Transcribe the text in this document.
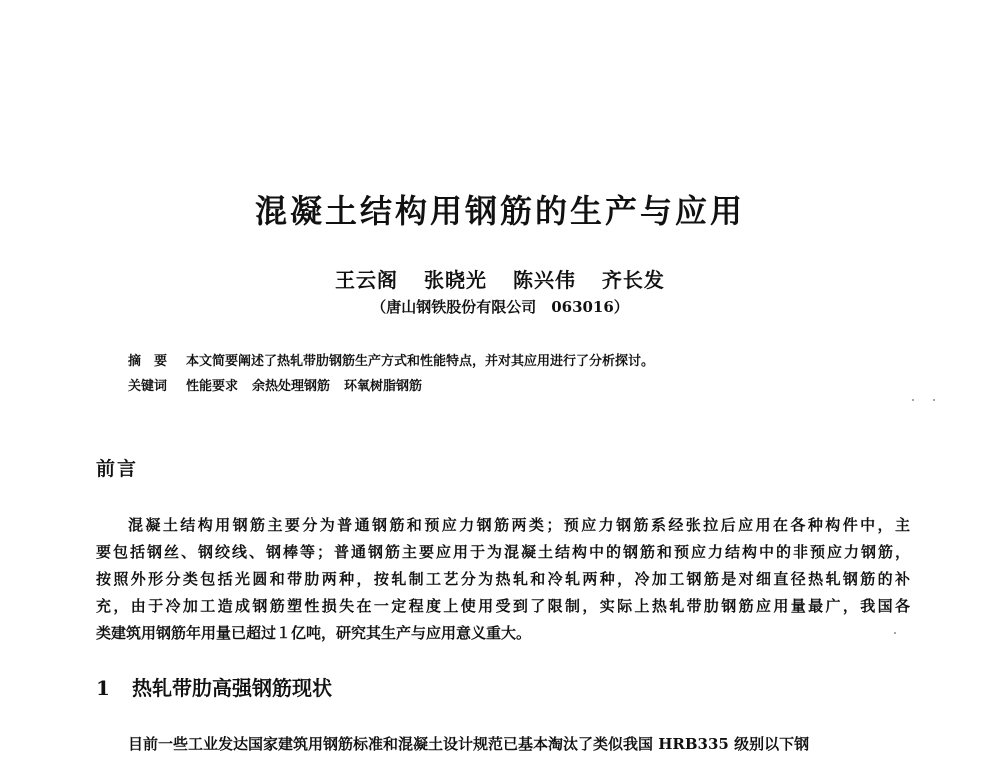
混凝土结构用钢筋的生产与应用
王云阁 张晓光 陈兴伟 齐长发
（唐山钢铁股份有限公司　063016）
摘　要 本文简要阐述了热轧带肋钢筋生产方式和性能特点，并对其应用进行了分析探讨。
关键词 性能要求 余热处理钢筋 环氧树脂钢筋
前言
混凝土结构用钢筋主要分为普通钢筋和预应力钢筋两类；预应力钢筋系经张拉后应用在各种构件中，主
要包括钢丝、钢绞线、钢棒等；普通钢筋主要应用于为混凝土结构中的钢筋和预应力结构中的非预应力钢筋，
按照外形分类包括光圆和带肋两种，按轧制工艺分为热轧和冷轧两种，冷加工钢筋是对细直径热轧钢筋的补
充，由于冷加工造成钢筋塑性损失在一定程度上使用受到了限制，实际上热轧带肋钢筋应用量最广，我国各
类建筑用钢筋年用量已超过１亿吨，研究其生产与应用意义重大。
1 热轧带肋高强钢筋现状
目前一些工业发达国家建筑用钢筋标准和混凝土设计规范已基本淘汰了类似我国 HRB335 级别以下钢
